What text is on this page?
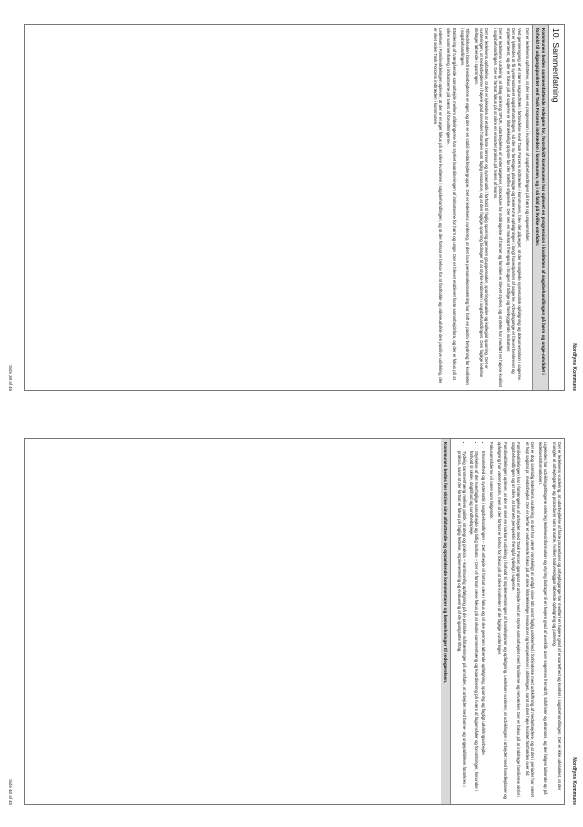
Nordfyns Kommune
10. Sammenfatning
Kommunen bedes sammenfattende redegøre for, hvordvidt kommunen har oplevet en progression i kvaliteten af sagsbehandlingen på børn og unge-området i forhold til udgangspunktet ved Task Forcens indtræden i kommunen, og i så fald på hvilke områder.

Det er ledelsens opfattelse, at der ses en progression i kvaliteten af sagsbehandlingen på børn og ungeområdet.

Ved gennemgang af et større sagsudtræk i forbindelse med Task Forcens indtræden i kommunen, blev det påpeget, at der manglede systematisk opfølgning og dokumentation i sagerne. Det er lykkedes at få systematiseret sagsbehandlingen, så der nu foretages planlagte og beskrevne opfølgninger i langt hovedparten af sagerne. Arbejdsgange er blevet beskrevet og implementeret, og der er fokus på at sagerne er tilstrækkeligt oplyste før der træffes afgørelse. Der ses en markant fremgang i brugen af tidlige og forebyggende indsatser.

Det er ledelsens vurdering, at tilløg omkring SPUK, udarbejdelse af undersøgelser, procedure for inddragelse af barnet og familien er blevet styrket, og at dette har medført en højere kvalitet i sagsbehandlingen. Der er fortsat fokus på at sikre en ensartet praksis på tværs af teams.

Det er ledelsens opfattelse, at det er lykkedes at etablere faste rammer og systematik i forhold til faglig sparring gennem gruppemøder, sparringsmøder og kollegial sparring. Det er vurderingen, at medarbejderne i højere grad anvender hinanden som faglig ressource, og at den faglige sparring bidrager til at styrke kvaliteten i sagsbehandlingen. Den faglige ledelse deltager løbende i sparringen.

Tilfredsheden blandt medarbejderne er øget, og der er en stabil medarbejdergruppe. Det er ledelsens vurdering, at den lave personaleomsætning har haft en positiv betydning for kvaliteten i sagsbehandlingen.

Etablering af tværgående samarbejde mellem afdelingerne har styrket koordineringen af indsatserne for børn og unge. Der er blevet etableret faste samarbejdsfora, og der er fokus på at sikre sammenhæng i indsatserne på tværs af forvaltningerne.

Ledelsen i Familieafdelingen oplever, at der er et øget fokus på at sikre kvaliteten i sagsbehandlingen, og at der fortsat er behov for at fastholde og videreudvikle den positive udvikling, der er sket siden Task Forcens indtræden i kommunen.

Side 39 af 45
Nordfyns Kommune

Det er ledelsens vurdering, at udarbejdelse af faste procedurer og arbejdsgange har medført en højere grad af ensartethed og kvalitet i sagsbehandlingen. Det er ikke udelukket, at der mangler at arbejdsgange og procedurer som ansatte, hvilket nødvendiggør løbende opfølgning og justering.

Ligeledes har udviklingstiltagene omkring ledelsesinformation og styring bidraget til en højere grad af overblik over sagernes fremdrift, tidsfrister og økonomi, og der følges løbende op på ledelsesinformationen.

Det er dog samtidig ledelsens vurdering, at det har været vanskeligt at undgå visse tab samt faglig usikkerhed i forbindelse med udskiftning af medarbejdere, og at der i perioder har været et højt sagstal pr. medarbejder. Der er derfor et vedvarende fokus på at sikre tilstrækkelige ressourcer og kompetencer i afdelingen, samt at den høje kvalitet fastholdes over tid.

Familieafdelingen har i forlængelse af arbejdet med Task Forcen igangsat et arbejde med at styrke samarbejdet med familierne og netværket. Der er fokus på at inddrage familierne aktivt i sagsbehandlingen og at sikre, at barnets perspektiv fremgår tydeligt i sagerne.

Familieafdelingen oplever, at der er sket en markant udvikling i forhold til implementeringen af handleplaner og opfølgning. Ledelsen vurderer, at udviklingen i arbejdet med handleplaner og opfølgning har været positiv, men at der fortsat er behov for fokus på at sikre kvaliteten af de faglige vurderinger.

Fokusområderne vil være som følgende:

• Ensartethed og systematik i sagsbehandlingen – Det arbejde vil fortsat være i fokus og vil ske gennem løbende opfølgning, sparring og fagligt udviklingsarbejde.
• Styrkelse af det tværfaglige samarbejde og tidlig indsats – Der vil fortsat være fokus på at skabe sammenhæng og koordinering på tværs af fagområder og forvaltninger, herunder i forhold til skole, dagtilbud og sundhedspleje.
• Tydelig sammenhæng mellem politik, strategi og praksis – kontinuerlig opfølgning på de politiske målsætninger på området, at arbejdet med børne- og ungepolitikken forankres i praksis, samt at der fortsat er fokus på faglig ledelse, implementering og evaluering af de igangsatte tiltag.
Kommunen bedes her skrive sine afsluttende og opsamlende kommentarer og bemærkninger til redegørelsen.
Side 40 af 45
